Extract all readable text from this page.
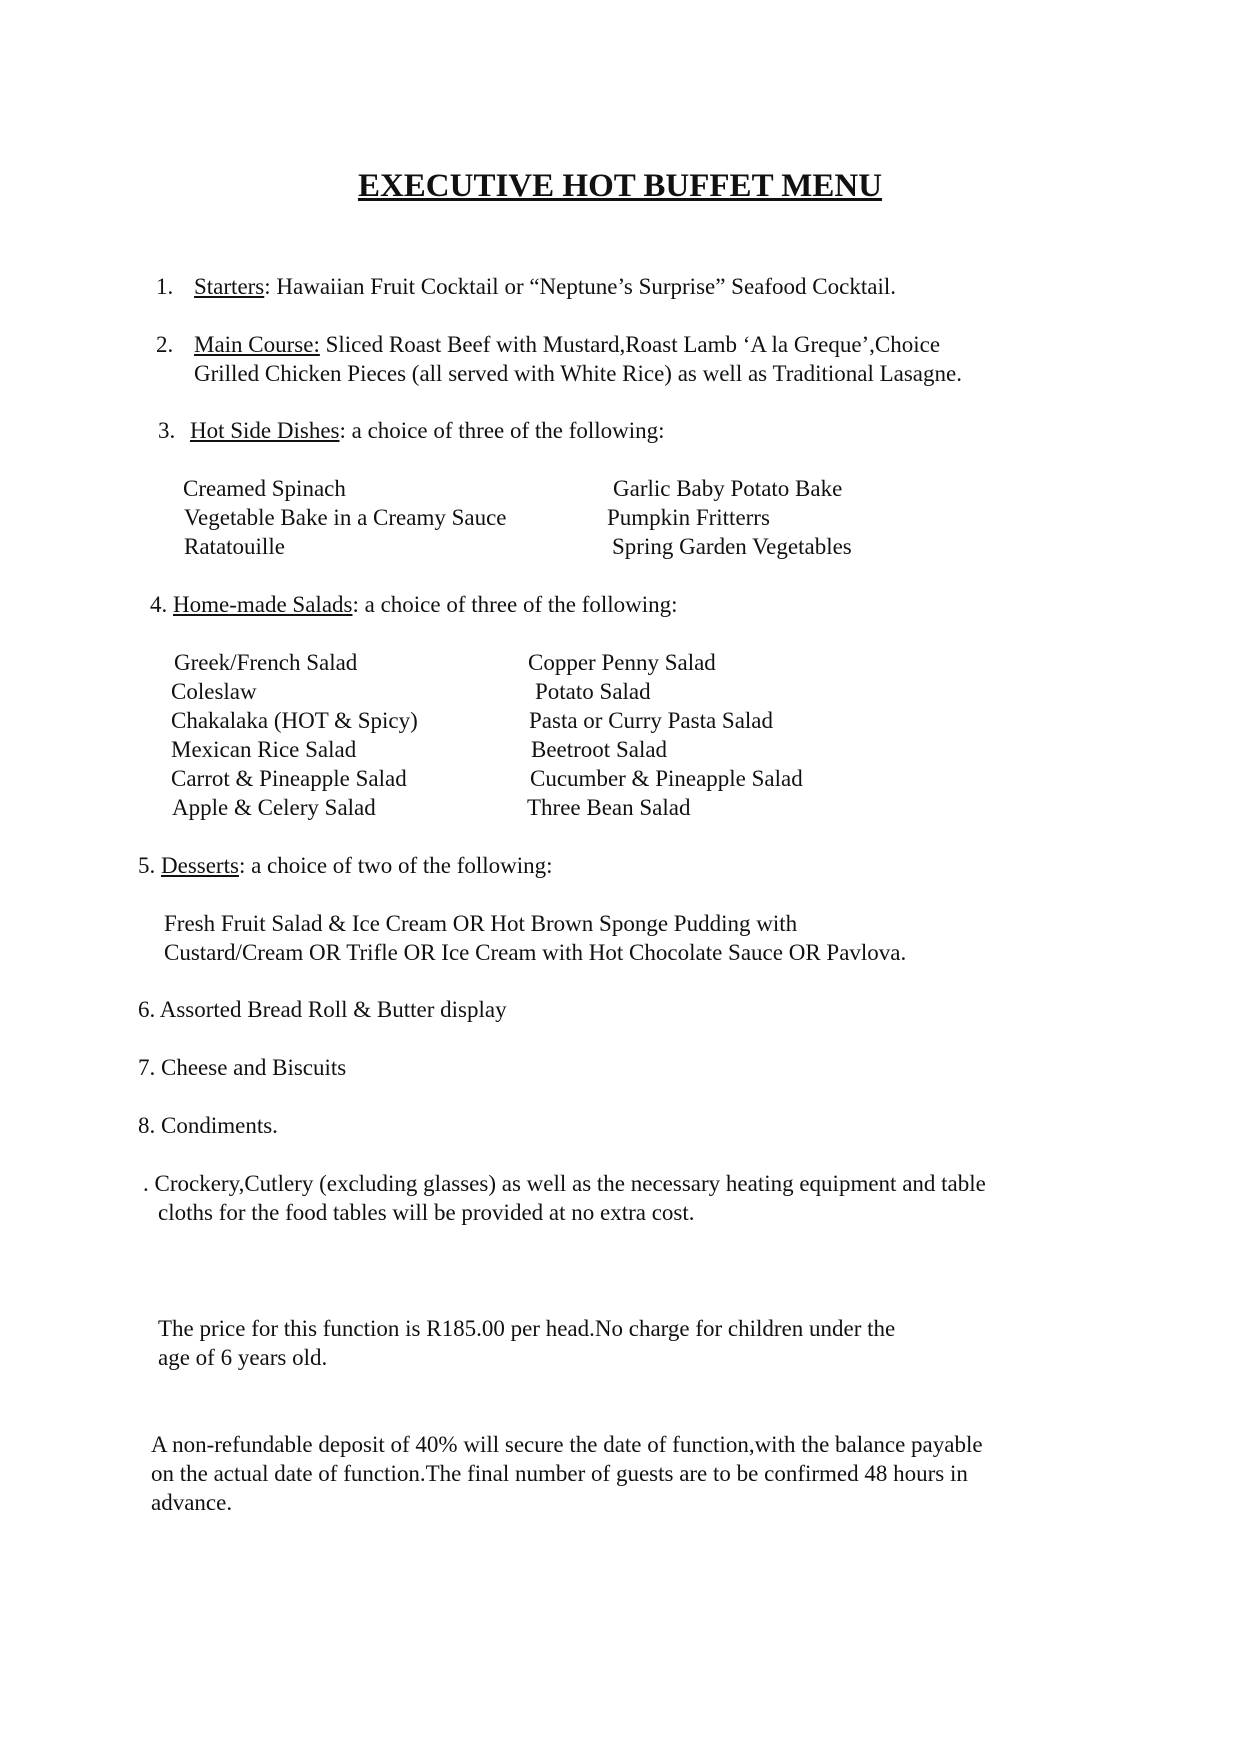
EXECUTIVE HOT BUFFET MENU
1. Starters: Hawaiian Fruit Cocktail or “Neptune’s Surprise” Seafood Cocktail.
2. Main Course: Sliced Roast Beef with Mustard,Roast Lamb ‘A la Greque’,Choice
Grilled Chicken Pieces (all served with White Rice) as well as Traditional Lasagne.
3. Hot Side Dishes: a choice of three of the following:
Creamed Spinach
Vegetable Bake in a Creamy Sauce
Ratatouille
Garlic Baby Potato Bake
Pumpkin Fritterrs
Spring Garden Vegetables
4. Home-made Salads: a choice of three of the following:
Greek/French Salad
Coleslaw
Chakalaka (HOT & Spicy)
Mexican Rice Salad
Carrot & Pineapple Salad
Apple & Celery Salad
Copper Penny Salad
Potato Salad
Pasta or Curry Pasta Salad
Beetroot Salad
Cucumber & Pineapple Salad
Three Bean Salad
5. Desserts: a choice of two of the following:
Fresh Fruit Salad & Ice Cream OR Hot Brown Sponge Pudding with
Custard/Cream OR Trifle OR Ice Cream with Hot Chocolate Sauce OR Pavlova.
6. Assorted Bread Roll & Butter display
7. Cheese and Biscuits
8. Condiments.
. Crockery,Cutlery (excluding glasses) as well as the necessary heating equipment and table
cloths for the food tables will be provided at no extra cost.
The price for this function is R185.00 per head.No charge for children under the
age of 6 years old.
A non-refundable deposit of 40% will secure the date of function,with the balance payable
on the actual date of function.The final number of guests are to be confirmed 48 hours in
advance.
